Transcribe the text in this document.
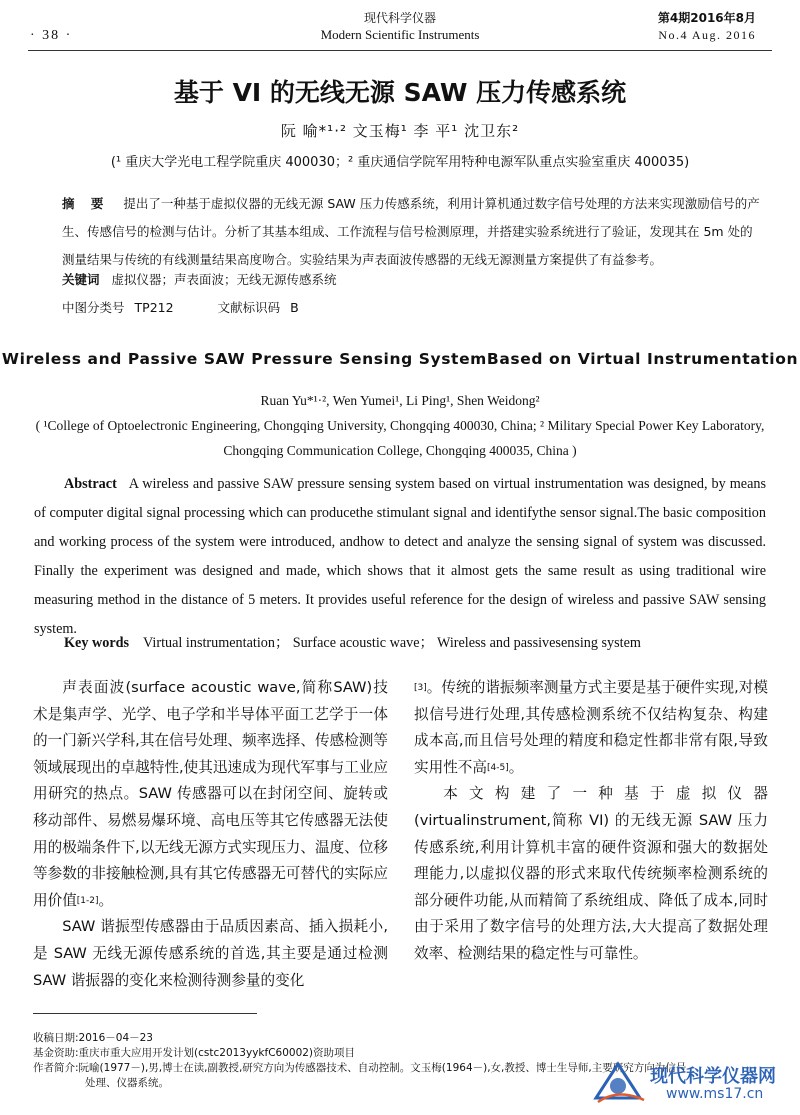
· 38 ·
现代科学仪器
Modern Scientific Instruments
第4期2016年8月
No.4 Aug. 2016
基于 VI 的无线无源 SAW 压力传感系统
阮 喻*¹·² 文玉梅¹ 李 平¹ 沈卫东²
(¹ 重庆大学光电工程学院重庆 400030；² 重庆通信学院军用特种电源军队重点实验室重庆 400035)
摘 要 提出了一种基于虚拟仪器的无线无源 SAW 压力传感系统，利用计算机通过数字信号处理的方法来实现激励信号的产生、传感信号的检测与估计。分析了其基本组成、工作流程与信号检测原理，并搭建实验系统进行了验证，发现其在 5m 处的测量结果与传统的有线测量结果高度吻合。实验结果为声表面波传感器的无线无源测量方案提供了有益参考。
关键词 虚拟仪器；声表面波；无线无源传感系统
中图分类号 TP212	文献标识码 B
Wireless and Passive SAW Pressure Sensing SystemBased on Virtual Instrumentation
Ruan Yu*¹·², Wen Yumei¹, Li Ping¹, Shen Weidong²
( ¹College of Optoelectronic Engineering, Chongqing University, Chongqing 400030, China; ² Military Special Power Key Laboratory,
Chongqing Communication College, Chongqing 400035, China )
Abstract A wireless and passive SAW pressure sensing system based on virtual instrumentation was designed, by means of computer digital signal processing which can producethe stimulant signal and identifythe sensor signal.The basic composition and working process of the system were introduced, andhow to detect and analyze the sensing signal of system was discussed. Finally the experiment was designed and made, which shows that it almost gets the same result as using traditional wire measuring method in the distance of 5 meters. It provides useful reference for the design of wireless and passive SAW sensing system.
Key words Virtual instrumentation； Surface acoustic wave； Wireless and passivesensing system

声表面波(surface acoustic wave,简称SAW)技术是集声学、光学、电子学和半导体平面工艺学于一体的一门新兴学科,其在信号处理、频率选择、传感检测等领域展现出的卓越特性,使其迅速成为现代军事与工业应用研究的热点。SAW 传感器可以在封闭空间、旋转或移动部件、易燃易爆环境、高电压等其它传感器无法使用的极端条件下,以无线无源方式实现压力、温度、位移等参数的非接触检测,具有其它传感器无可替代的实际应用价值[1-2]。

SAW 谐振型传感器由于品质因素高、插入损耗小,是 SAW 无线无源传感系统的首选,其主要是通过检测 SAW 谐振器的变化来检测待测参量的变化

[3]。传统的谐振频率测量方式主要是基于硬件实现,对模拟信号进行处理,其传感检测系统不仅结构复杂、构建成本高,而且信号处理的精度和稳定性都非常有限,导致实用性不高[4-5]。

本文构建了一种基于虚拟仪器(virtualinstrument,简称 VI) 的无线无源 SAW 压力传感系统,利用计算机丰富的硬件资源和强大的数据处理能力,以虚拟仪器的形式来取代传统频率检测系统的部分硬件功能,从而精简了系统组成、降低了成本,同时由于采用了数字信号的处理方法,大大提高了数据处理效率、检测结果的稳定性与可靠性。

收稿日期:2016－04－23
基金资助:重庆市重大应用开发计划(cstc2013yykfC60002)资助项目
作者简介:阮喻(1977－),男,博士在读,副教授,研究方向为传感器技术、自动控制。文玉梅(1964－),女,教授、博士生导师,主要研究方向为信号
处理、仪器系统。	现代科学仪器网
www.ms17.cn
